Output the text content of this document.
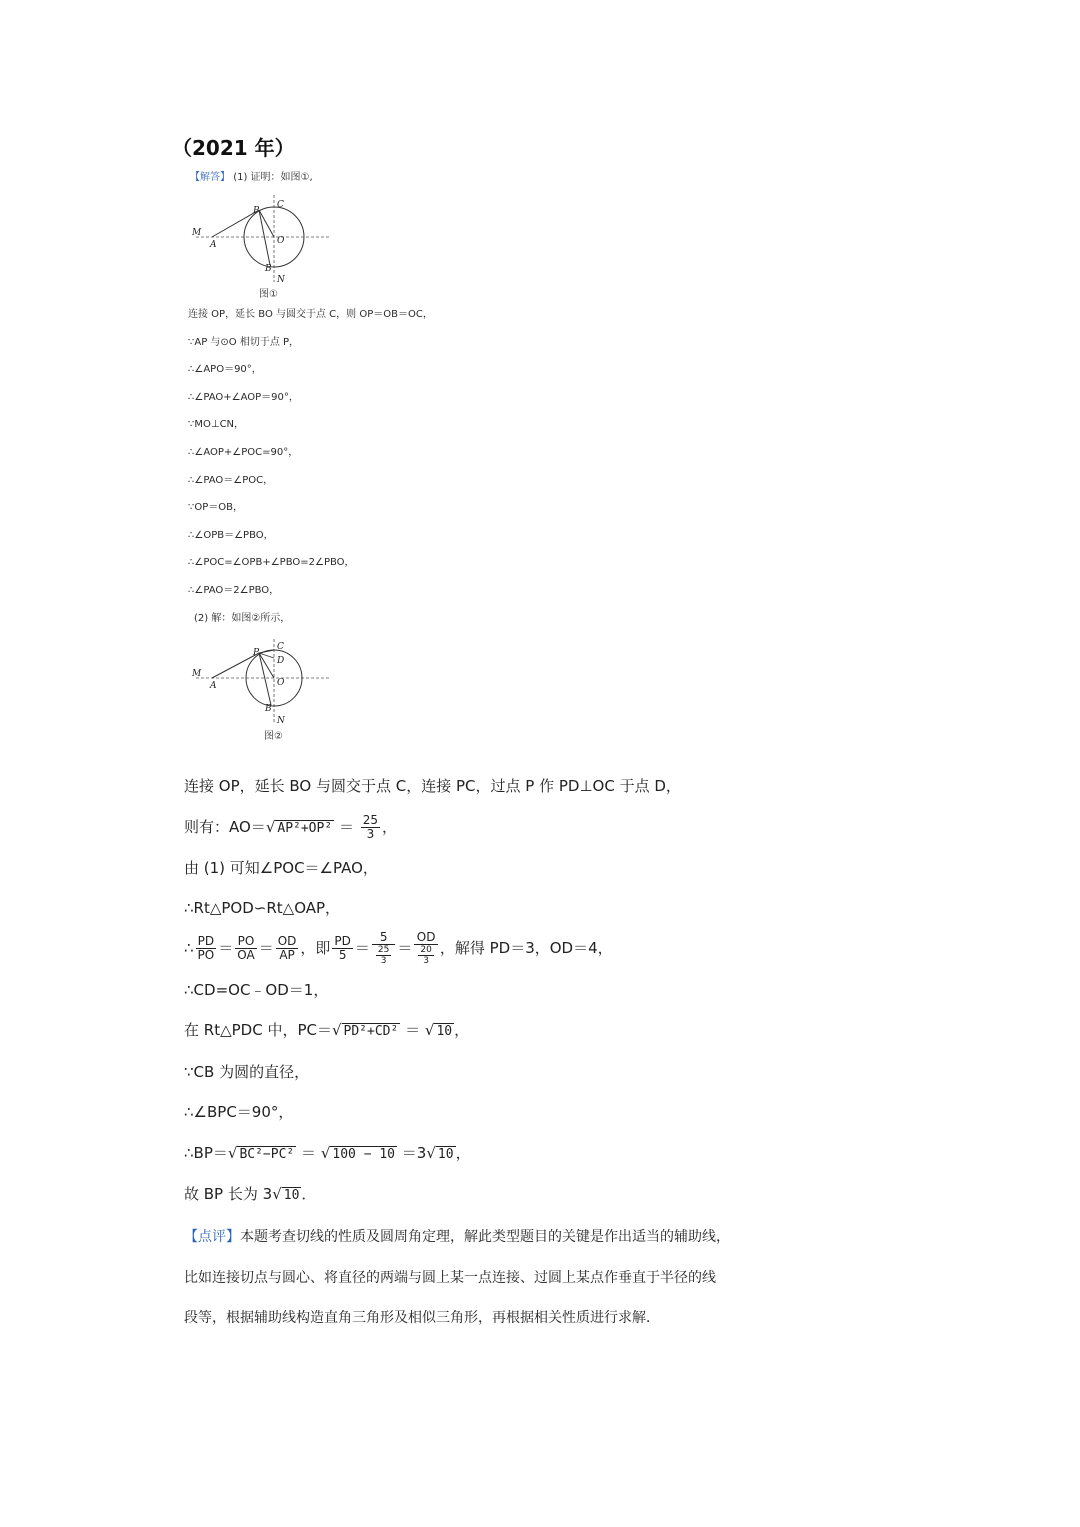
（2021 年）
【解答】 (1) 证明：如图①,
M
A
P
C
O
B
N
图①
连接 OP，延长 BO 与圆交于点 C，则 OP＝OB＝OC，
∵AP 与⊙O 相切于点 P，
∴∠APO＝90°，
∴∠PAO+∠AOP＝90°，
∵MO⊥CN，
∴∠AOP+∠POC=90°，
∴∠PAO＝∠POC，
∵OP＝OB，
∴∠OPB＝∠PBO，
∴∠POC=∠OPB+∠PBO=2∠PBO，
∴∠PAO＝2∠PBO，
(2) 解：如图②所示，
M
A
P
C
D
O
B
N
图②
连接 OP，延长 BO 与圆交于点 C，连接 PC，过点 P 作 PD⊥OC 于点 D，
则有：AO＝√ $AP^2+OP^2 = \frac{25}{3}$ ，
由 (1) 可知∠POC＝∠PAO，
∴Rt△POD∽Rt△OAP，
∴ $\frac{PD}{PO} = \frac{PO}{OA} = \frac{OD}{AP}$ ，即 $\frac{PD}{5} = \frac{5}{\frac{25}{3}} = \frac{OD}{\frac{20}{3}}$ ，解得 PD＝3，OD＝4，
∴CD=OC﹣OD＝1，
在 Rt△PDC 中，PC＝√ PD²+CD² ＝ √ 10 ，
∵CB 为圆的直径，
∴∠BPC＝90°，
∴BP＝√ BC²−PC² ＝ √ 100 − 10 ＝3√ 10 ，
故 BP 长为 3√ 10 ．
【点评】本题考查切线的性质及圆周角定理，解此类型题目的关键是作出适当的辅助线，
比如连接切点与圆心、将直径的两端与圆上某一点连接、过圆上某点作垂直于半径的线
段等，根据辅助线构造直角三角形及相似三角形，再根据相关性质进行求解．
